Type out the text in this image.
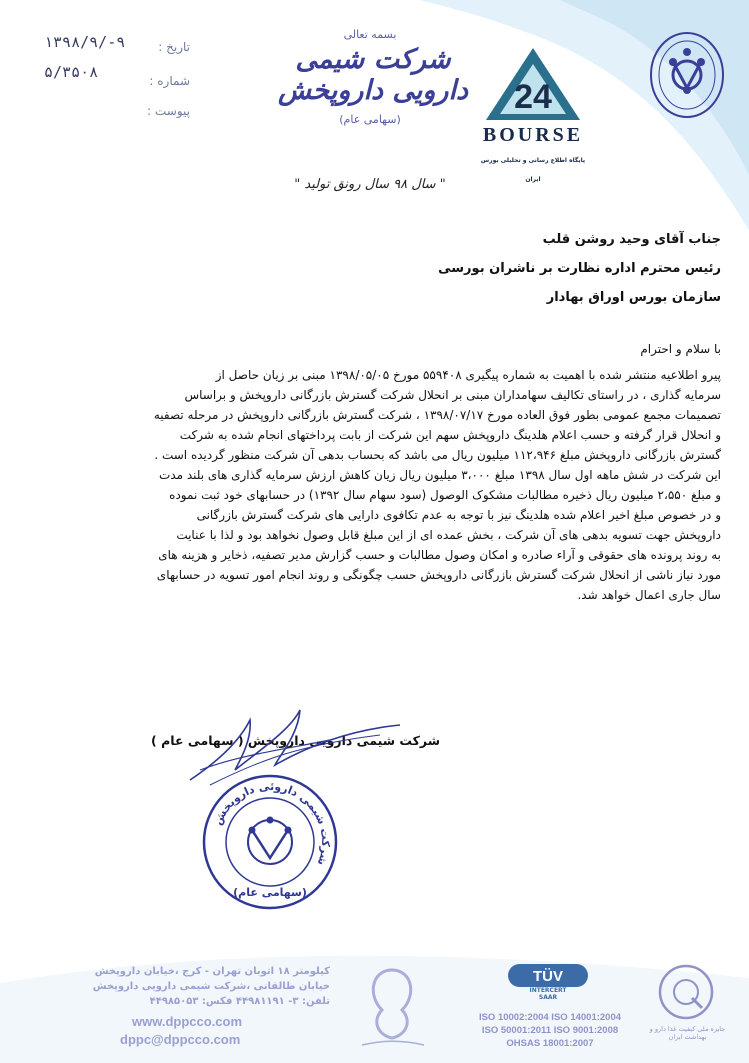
تاریخ :
۱۳۹۸/۹/-۹
شماره :
۵/۳۵۰۸
پیوست :
بسمه تعالی
شرکت شیمی دارویی داروپخش
(سهامی عام)
24
BOURSE
پایگاه اطلاع رسانی و تحلیلی بورس ایران
" سال ۹۸ سال رونق تولید "
جناب آقای وحید روشن قلب
رئیس محترم اداره نظارت بر ناشران بورسی
سازمان بورس اوراق بهادار
با سلام و احترام
پیرو اطلاعیه منتشر شده با اهمیت به شماره پیگیری ۵۵۹۴۰۸ مورخ ۱۳۹۸/۰۵/۰۵ مبنی بر زیان حاصل از
سرمایه گذاری ، در راستای تکالیف سهامداران مبنی بر انحلال شرکت گسترش بازرگانی داروپخش و براساس
تصمیمات مجمع عمومی بطور فوق العاده مورخ ۱۳۹۸/۰۷/۱۷ ، شرکت گسترش بازرگانی داروپخش در مرحله تصفیه
و انحلال قرار گرفته و حسب اعلام هلدینگ داروپخش سهم این شرکت از بابت پرداختهای انجام شده به شرکت
گسترش بازرگانی داروپخش مبلغ ۱۱۲،۹۴۶ میلیون ریال می باشد که بحساب بدهی آن شرکت منظور گردیده است .
این شرکت در شش ماهه اول سال ۱۳۹۸ مبلغ ۳،۰۰۰ میلیون ریال زیان کاهش ارزش سرمایه گذاری های بلند مدت
و مبلغ ۲،۵۵۰ میلیون ریال ذخیره مطالبات مشکوک الوصول (سود سهام سال ۱۳۹۲) در حسابهای خود ثبت نموده
و در خصوص مبلغ اخیر اعلام شده هلدینگ نیز با توجه به عدم تکافوی دارایی های شرکت گسترش بازرگانی
داروپخش جهت تسویه بدهی های آن شرکت ، بخش عمده ای از این مبلغ قابل وصول نخواهد بود و لذا با عنایت
به روند پرونده های حقوقی و آراء صادره و امکان وصول مطالبات و حسب گزارش مدیر تصفیه، ذخایر و هزینه های
مورد نیاز ناشی از انحلال شرکت گسترش بازرگانی داروپخش حسب چگونگی و روند انجام امور تسویه در حسابهای
سال جاری اعمال خواهد شد.
شرکت شیمی دارویی داروپخش ( سهامی عام )
شرکت شیمی داروئی داروپخش
(سهامی عام)
کیلومتر ۱۸ اتوبان تهران - کرج ،خیابان داروپخش
خیابان طالقانی ،شرکت شیمی دارویی داروپخش
تلفن: ۳- ۴۴۹۸۱۱۹۱ فکس: ۴۴۹۸۵۰۵۳
www.dppcco.com
dppc@dppcco.com
TÜV
INTERCERT
SAAR
ISO 10002:2004 ISO 14001:2004
ISO 50001:2011 ISO 9001:2008
OHSAS 18001:2007
جایزه ملی کیفیت غذا دارو و بهداشت ایران
